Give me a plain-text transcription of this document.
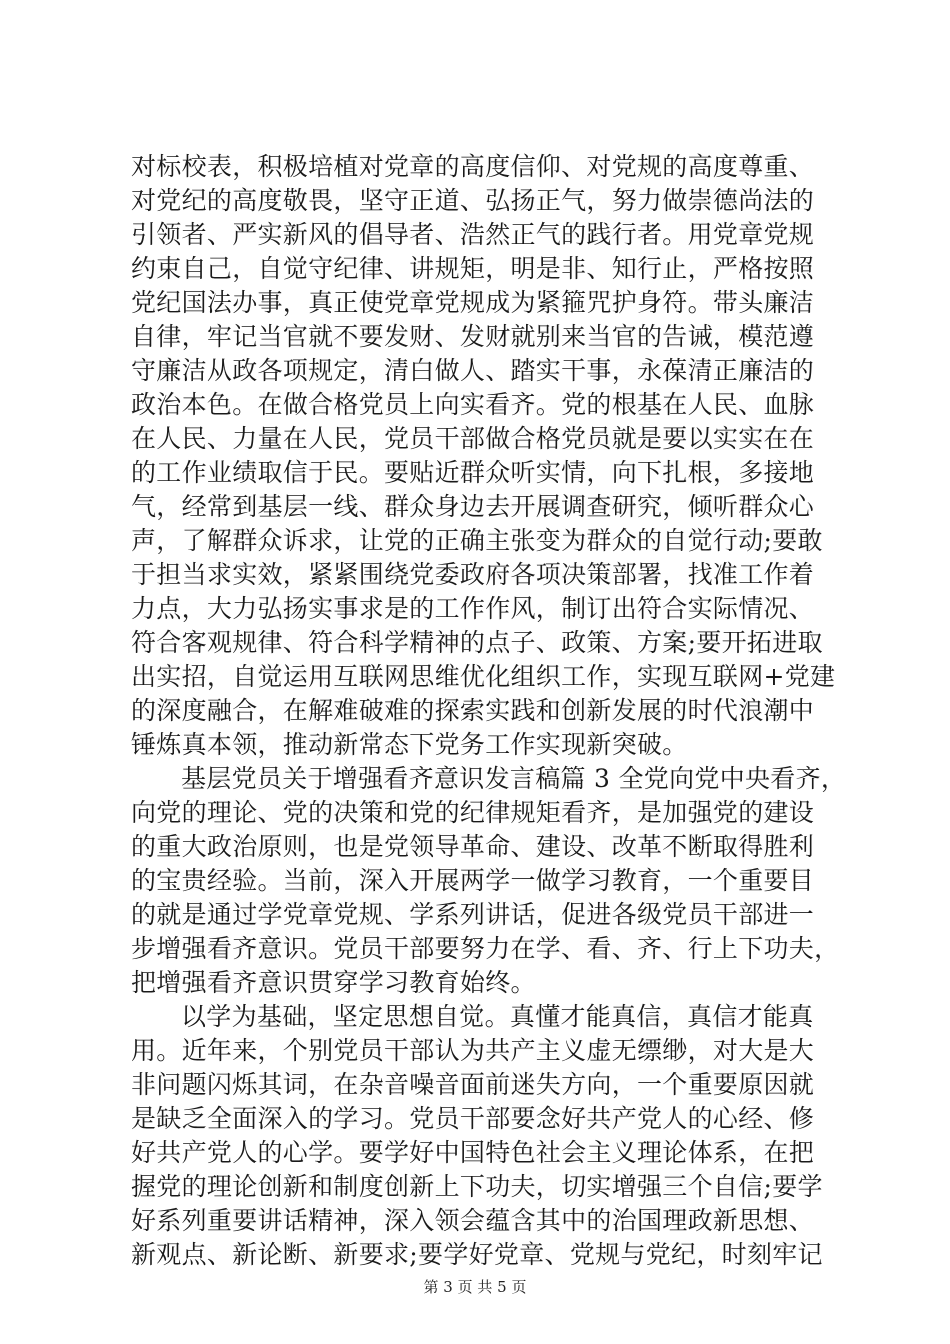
对标校表，积极培植对党章的高度信仰、对党规的高度尊重、
对党纪的高度敬畏，坚守正道、弘扬正气，努力做崇德尚法的
引领者、严实新风的倡导者、浩然正气的践行者。用党章党规
约束自己，自觉守纪律、讲规矩，明是非、知行止，严格按照
党纪国法办事，真正使党章党规成为紧箍咒护身符。带头廉洁
自律，牢记当官就不要发财、发财就别来当官的告诫，模范遵
守廉洁从政各项规定，清白做人、踏实干事，永葆清正廉洁的
政治本色。在做合格党员上向实看齐。党的根基在人民、血脉
在人民、力量在人民，党员干部做合格党员就是要以实实在在
的工作业绩取信于民。要贴近群众听实情，向下扎根，多接地
气，经常到基层一线、群众身边去开展调查研究，倾听群众心
声，了解群众诉求，让党的正确主张变为群众的自觉行动;要敢
于担当求实效，紧紧围绕党委政府各项决策部署，找准工作着
力点，大力弘扬实事求是的工作作风，制订出符合实际情况、
符合客观规律、符合科学精神的点子、政策、方案;要开拓进取
出实招，自觉运用互联网思维优化组织工作，实现互联网+党建
的深度融合，在解难破难的探索实践和创新发展的时代浪潮中
锤炼真本领，推动新常态下党务工作实现新突破。
基层党员关于增强看齐意识发言稿篇 3 全党向党中央看齐，
向党的理论、党的决策和党的纪律规矩看齐，是加强党的建设
的重大政治原则，也是党领导革命、建设、改革不断取得胜利
的宝贵经验。当前，深入开展两学一做学习教育，一个重要目
的就是通过学党章党规、学系列讲话，促进各级党员干部进一
步增强看齐意识。党员干部要努力在学、看、齐、行上下功夫，
把增强看齐意识贯穿学习教育始终。
以学为基础，坚定思想自觉。真懂才能真信，真信才能真
用。近年来，个别党员干部认为共产主义虚无缥缈，对大是大
非问题闪烁其词，在杂音噪音面前迷失方向，一个重要原因就
是缺乏全面深入的学习。党员干部要念好共产党人的心经、修
好共产党人的心学。要学好中国特色社会主义理论体系，在把
握党的理论创新和制度创新上下功夫，切实增强三个自信;要学
好系列重要讲话精神，深入领会蕴含其中的治国理政新思想、
新观点、新论断、新要求;要学好党章、党规与党纪，时刻牢记
第 3 页 共 5 页
